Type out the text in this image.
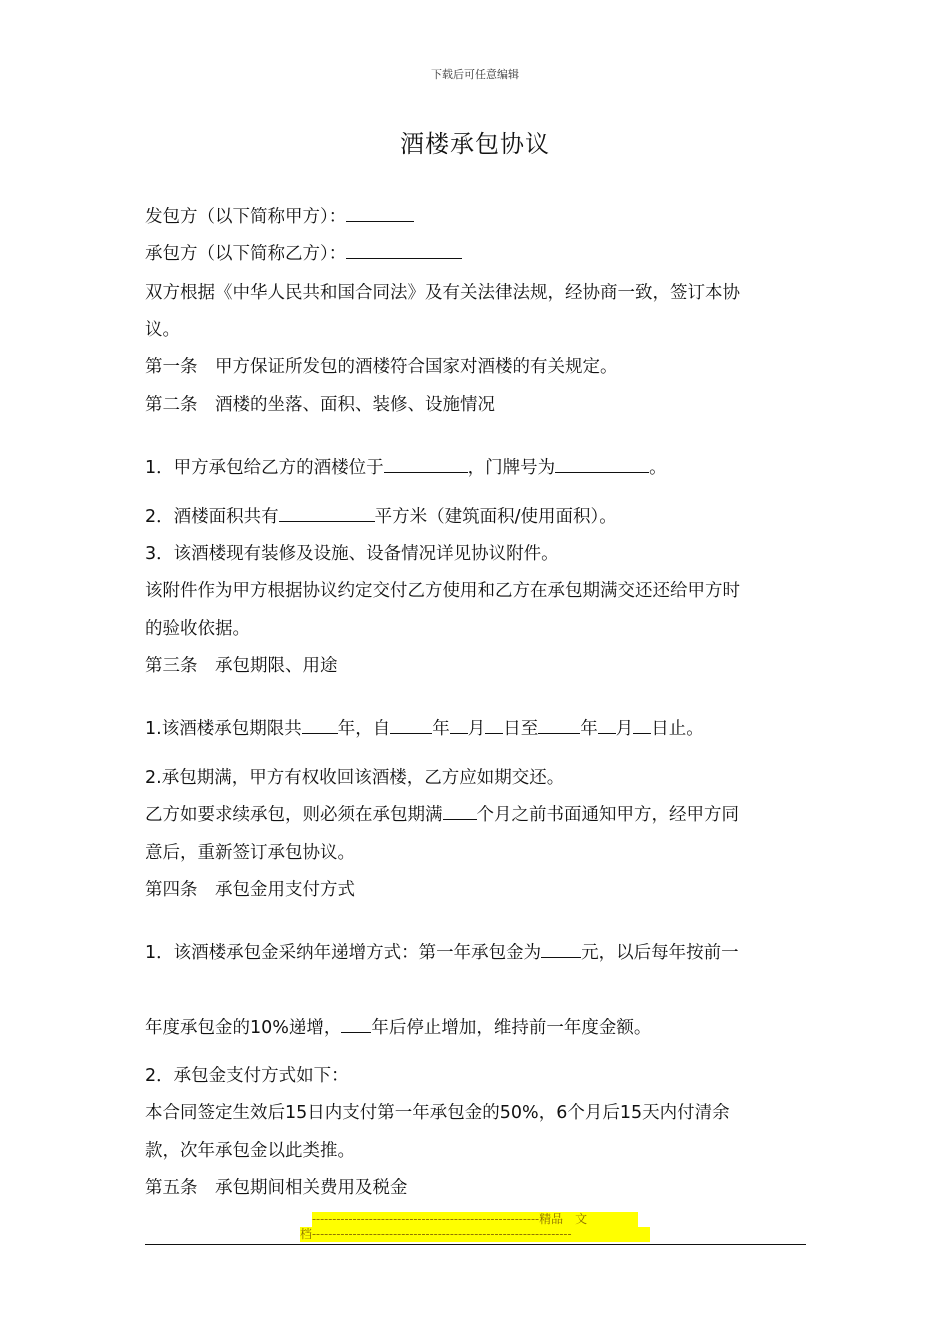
下载后可任意编辑
酒楼承包协议
发包方（以下简称甲方）：
承包方（以下简称乙方）：
双方根据《中华人民共和国合同法》及有关法律法规，经协商一致，签订本协
议。
第一条　甲方保证所发包的酒楼符合国家对酒楼的有关规定。
第二条　酒楼的坐落、面积、装修、设施情况
1．甲方承包给乙方的酒楼位于	，门牌号为	。
2．酒楼面积共有	平方米（建筑面积/使用面积）。
3．该酒楼现有装修及设施、设备情况详见协议附件。
该附件作为甲方根据协议约定交付乙方使用和乙方在承包期满交还还给甲方时
的验收依据。
第三条　承包期限、用途
1.该酒楼承包期限共 年，自 年 月 日至 年 月 日止。
2.承包期满，甲方有权收回该酒楼，乙方应如期交还。
乙方如要求续承包，则必须在承包期满 个月之前书面通知甲方，经甲方同
意后，重新签订承包协议。
第四条　承包金用支付方式
1．该酒楼承包金采纳年递增方式：第一年承包金为 元，以后每年按前一
年度承包金的10%递增， 年后停止增加，维持前一年度金额。
2．承包金支付方式如下：
本合同签定生效后15日内支付第一年承包金的50%，6个月后15天内付清余
款，次年承包金以此类推。
第五条　承包期间相关费用及税金
--------------------------------------------------------精品　文
档----------------------------------------------------------------
